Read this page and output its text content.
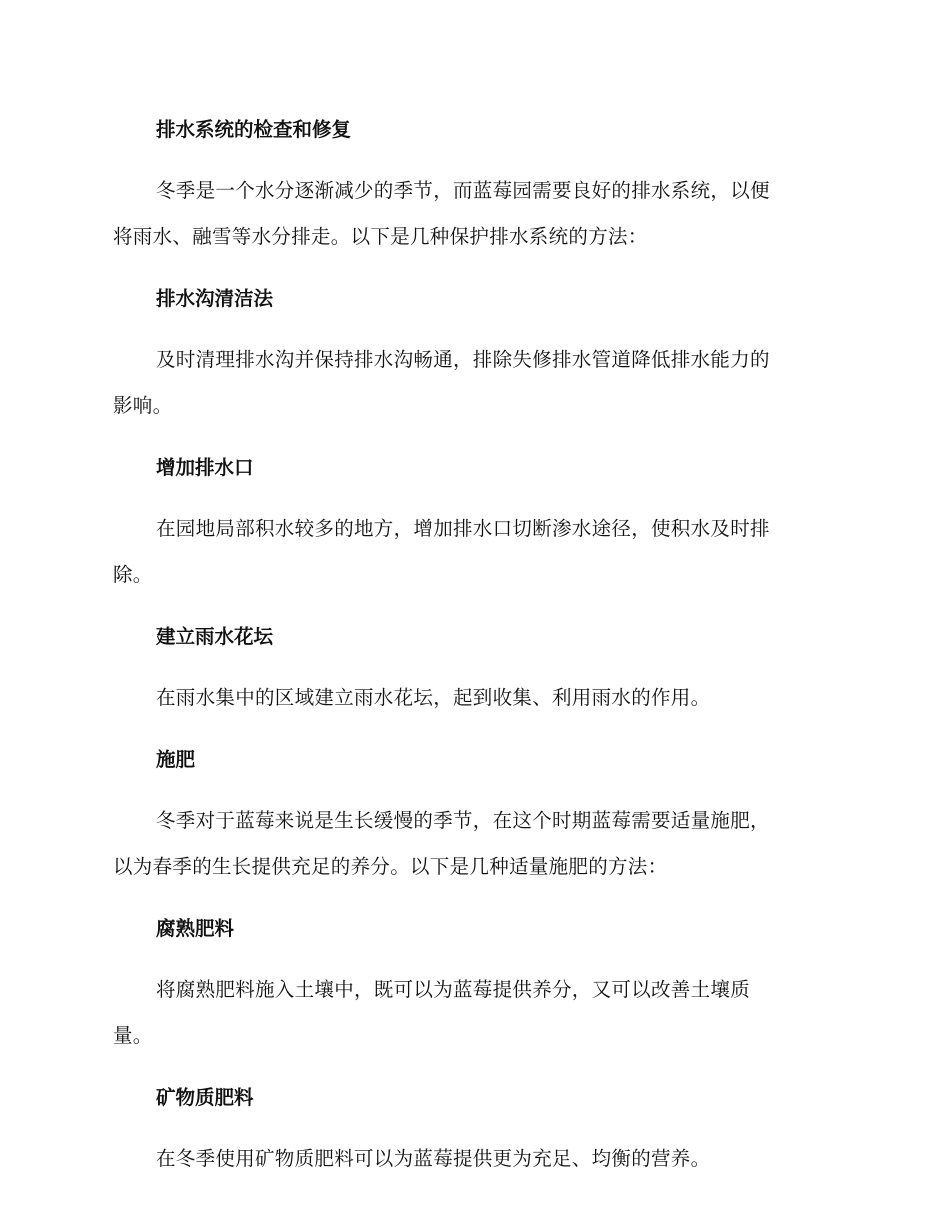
排水系统的检查和修复

冬季是一个水分逐渐减少的季节，而蓝莓园需要良好的排水系统，以便
将雨水、融雪等水分排走。以下是几种保护排水系统的方法：

排水沟清洁法

及时清理排水沟并保持排水沟畅通，排除失修排水管道降低排水能力的
影响。

增加排水口

在园地局部积水较多的地方，增加排水口切断渗水途径，使积水及时排
除。

建立雨水花坛

在雨水集中的区域建立雨水花坛，起到收集、利用雨水的作用。

施肥

冬季对于蓝莓来说是生长缓慢的季节，在这个时期蓝莓需要适量施肥，
以为春季的生长提供充足的养分。以下是几种适量施肥的方法：

腐熟肥料

将腐熟肥料施入土壤中，既可以为蓝莓提供养分，又可以改善土壤质
量。

矿物质肥料

在冬季使用矿物质肥料可以为蓝莓提供更为充足、均衡的营养。
